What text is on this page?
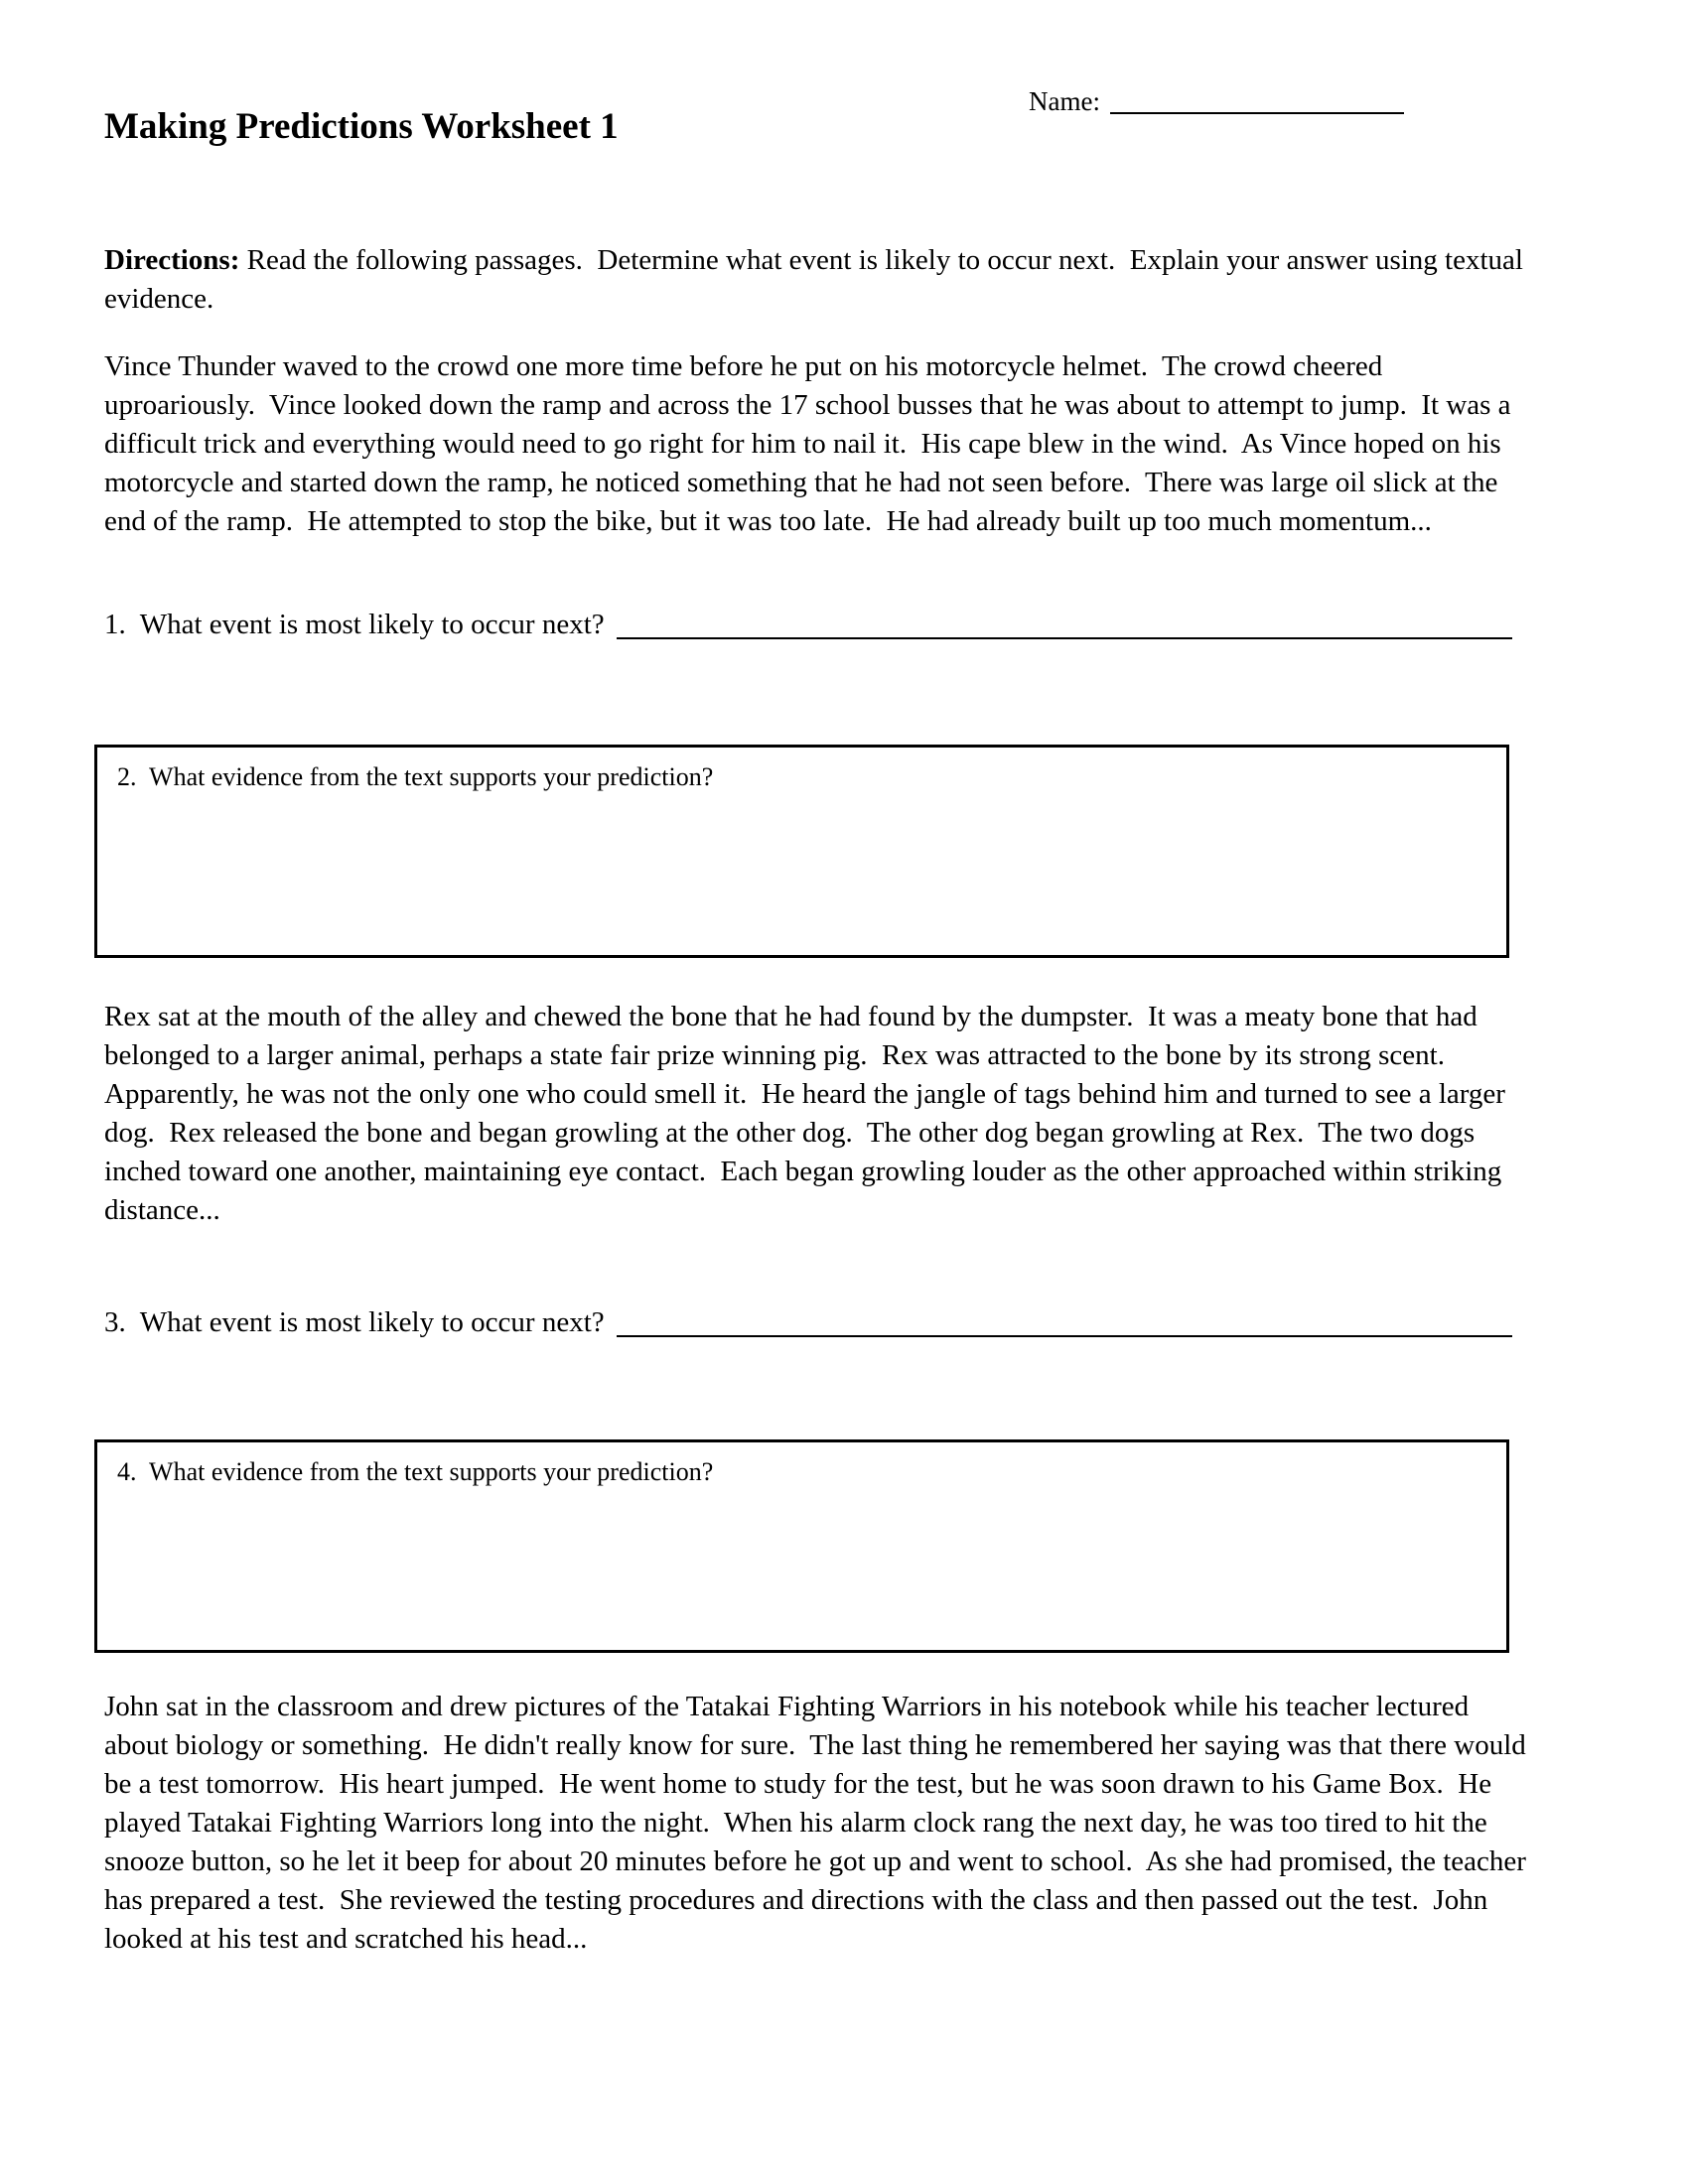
Name:
Making Predictions Worksheet 1

Directions: Read the following passages.  Determine what event is likely to occur next.  Explain your answer using textual evidence.

Vince Thunder waved to the crowd one more time before he put on his motorcycle helmet.  The crowd cheered uproariously.  Vince looked down the ramp and across the 17 school busses that he was about to attempt to jump.  It was a difficult trick and everything would need to go right for him to nail it.  His cape blew in the wind.  As Vince hoped on his motorcycle and started down the ramp, he noticed something that he had not seen before.  There was large oil slick at the end of the ramp.  He attempted to stop the bike, but it was too late.  He had already built up too much momentum...

1.  What event is most likely to occur next?
2.  What evidence from the text supports your prediction?

Rex sat at the mouth of the alley and chewed the bone that he had found by the dumpster.  It was a meaty bone that had belonged to a larger animal, perhaps a state fair prize winning pig.  Rex was attracted to the bone by its strong scent.  Apparently, he was not the only one who could smell it.  He heard the jangle of tags behind him and turned to see a larger dog.  Rex released the bone and began growling at the other dog.  The other dog began growling at Rex.  The two dogs inched toward one another, maintaining eye contact.  Each began growling louder as the other approached within striking distance...

3.  What event is most likely to occur next?
4.  What evidence from the text supports your prediction?

John sat in the classroom and drew pictures of the Tatakai Fighting Warriors in his notebook while his teacher lectured about biology or something.  He didn't really know for sure.  The last thing he remembered her saying was that there would be a test tomorrow.  His heart jumped.  He went home to study for the test, but he was soon drawn to his Game Box.  He played Tatakai Fighting Warriors long into the night.  When his alarm clock rang the next day, he was too tired to hit the snooze button, so he let it beep for about 20 minutes before he got up and went to school.  As she had promised, the teacher has prepared a test.  She reviewed the testing procedures and directions with the class and then passed out the test.  John looked at his test and scratched his head...
